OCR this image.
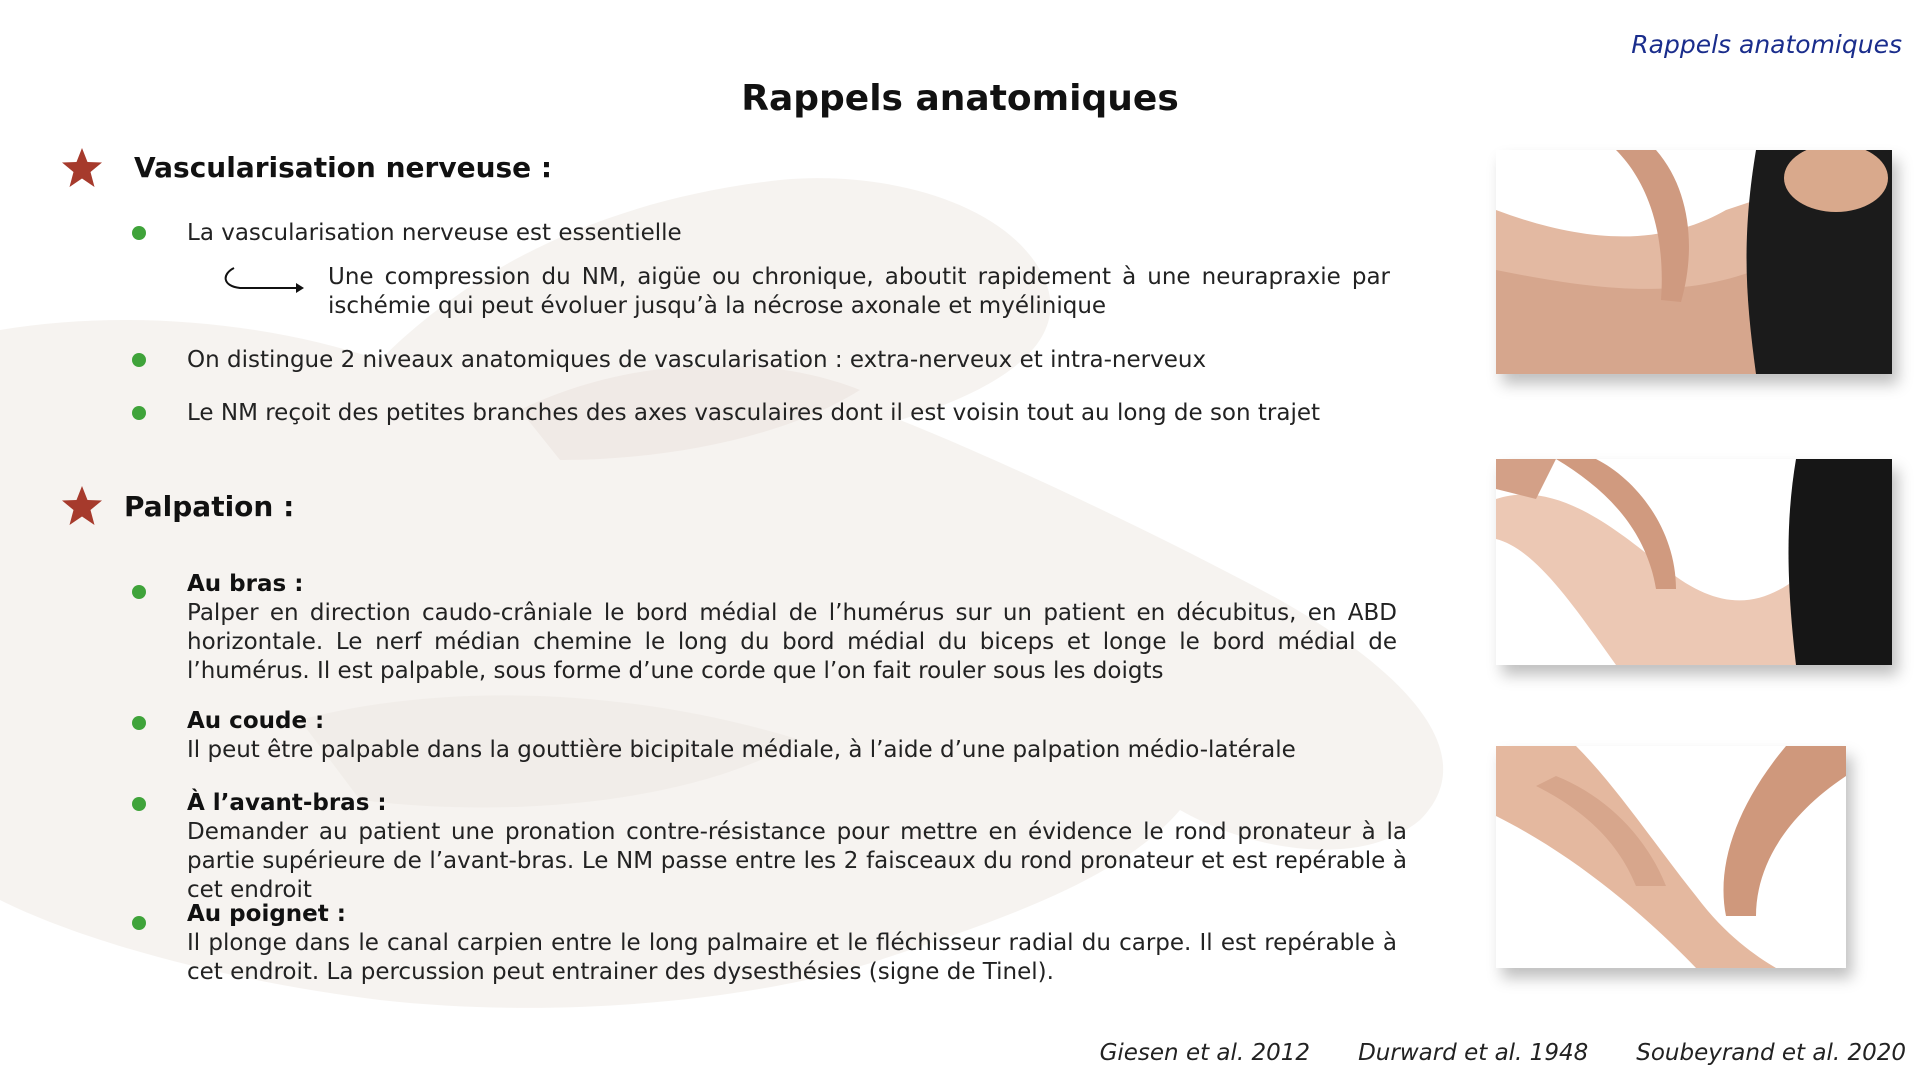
Rappels anatomiques
Rappels anatomiques
Vascularisation nerveuse :
La vascularisation nerveuse est essentielle
Une compression du NM, aigüe ou chronique, aboutit rapidement à une neurapraxie par ischémie qui peut évoluer jusqu’à la nécrose axonale et myélinique
On distingue 2 niveaux anatomiques de vascularisation : extra-nerveux et intra-nerveux
Le NM reçoit des petites branches des axes vasculaires dont il est voisin tout au long de son trajet
Palpation :
Au bras :
Palper en direction caudo-crâniale le bord médial de l’humérus sur un patient en décubitus, en ABD horizontale. Le nerf médian chemine le long du bord médial du biceps et longe le bord médial de l’humérus. Il est palpable, sous forme d’une corde que l’on fait rouler sous les doigts
Au coude :
Il peut être palpable dans la gouttière bicipitale médiale, à l’aide d’une palpation médio-latérale
À l’avant-bras :
Demander au patient une pronation contre-résistance pour mettre en évidence le rond pronateur à la partie supérieure de l’avant-bras. Le NM passe entre les 2 faisceaux du rond pronateur et est repérable à cet endroit
Au poignet :
Il plonge dans le canal carpien entre le long palmaire et le fléchisseur radial du carpe. Il est repérable à cet endroit. La percussion peut entrainer des dysesthésies (signe de Tinel).
Giesen et al. 2012 Durward et al. 1948 Soubeyrand et al. 2020
